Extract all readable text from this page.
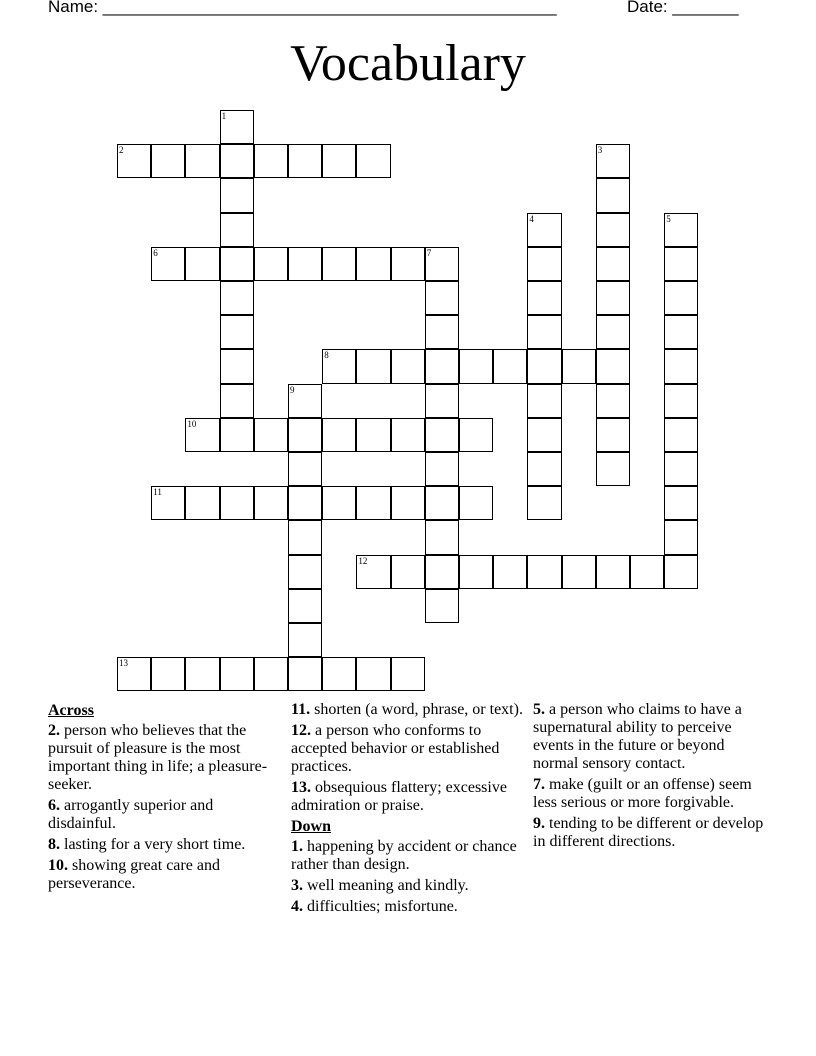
Name: ________________________________________________	Date: _______
Vocabulary
1
2	3
4	5
6	7
8
9
10
11
12
13
Across
2. person who believes that the pursuit of pleasure is the most important thing in life; a pleasure-seeker.
6. arrogantly superior and disdainful.
8. lasting for a very short time.
10. showing great care and perseverance.
11. shorten (a word, phrase, or text).
12. a person who conforms to accepted behavior or established practices.
13. obsequious flattery; excessive admiration or praise.
Down
1. happening by accident or chance rather than design.
3. well meaning and kindly.
4. difficulties; misfortune.
5. a person who claims to have a supernatural ability to perceive events in the future or beyond normal sensory contact.
7. make (guilt or an offense) seem less serious or more forgivable.
9. tending to be different or develop in different directions.
